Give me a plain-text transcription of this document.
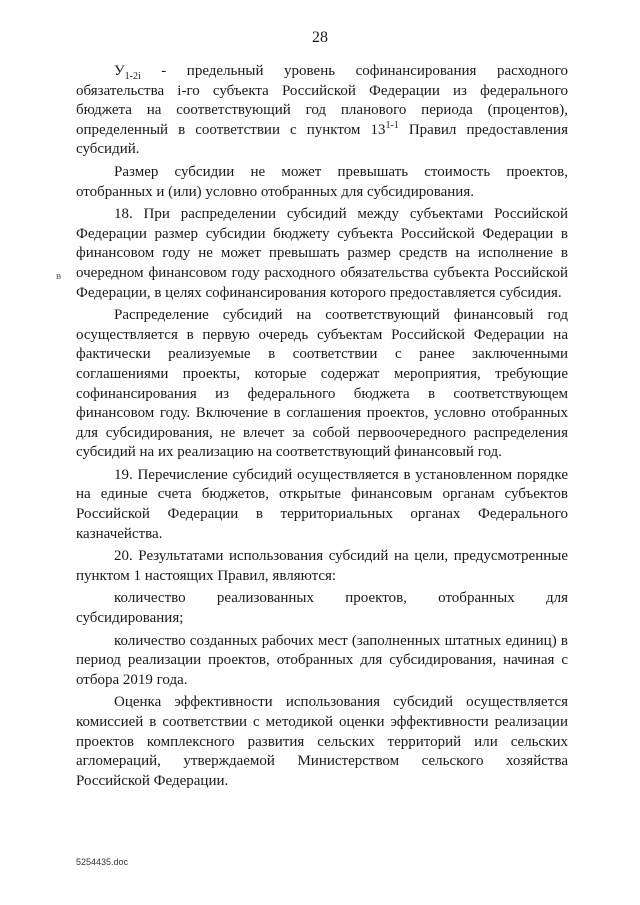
28
в
$У_{1-2i}$ - предельный уровень софинансирования расходного
обязательства i-го субъекта Российской Федерации из федерального
бюджета на соответствующий год планового периода (процентов),
определенный в соответствии с пунктом 13$^{1-1}$ Правил предоставления
субсидий.

Размер субсидии не может превышать стоимость проектов, отобранных и (или) условно отобранных для субсидирования.

18. При распределении субсидий между субъектами Российской Федерации размер субсидии бюджету субъекта Российской Федерации в финансовом году не может превышать размер средств на исполнение в очередном финансовом году расходного обязательства субъекта Российской Федерации, в целях софинансирования которого предоставляется субсидия.

Распределение субсидий на соответствующий финансовый год осуществляется в первую очередь субъектам Российской Федерации на фактически реализуемые в соответствии с ранее заключенными соглашениями проекты, которые содержат мероприятия, требующие софинансирования из федерального бюджета в соответствующем финансовом году. Включение в соглашения проектов, условно отобранных для субсидирования, не влечет за собой первоочередного распределения субсидий на их реализацию на соответствующий финансовый год.

19. Перечисление субсидий осуществляется в установленном порядке на единые счета бюджетов, открытые финансовым органам субъектов Российской Федерации в территориальных органах Федерального казначейства.

20. Результатами использования субсидий на цели, предусмотренные пунктом 1 настоящих Правил, являются:

количество реализованных проектов, отобранных для субсидирования;

количество созданных рабочих мест (заполненных штатных единиц) в период реализации проектов, отобранных для субсидирования, начиная с отбора 2019 года.

Оценка эффективности использования субсидий осуществляется комиссией в соответствии с методикой оценки эффективности реализации проектов комплексного развития сельских территорий или сельских агломераций, утверждаемой Министерством сельского хозяйства Российской Федерации.

5254435.doc
